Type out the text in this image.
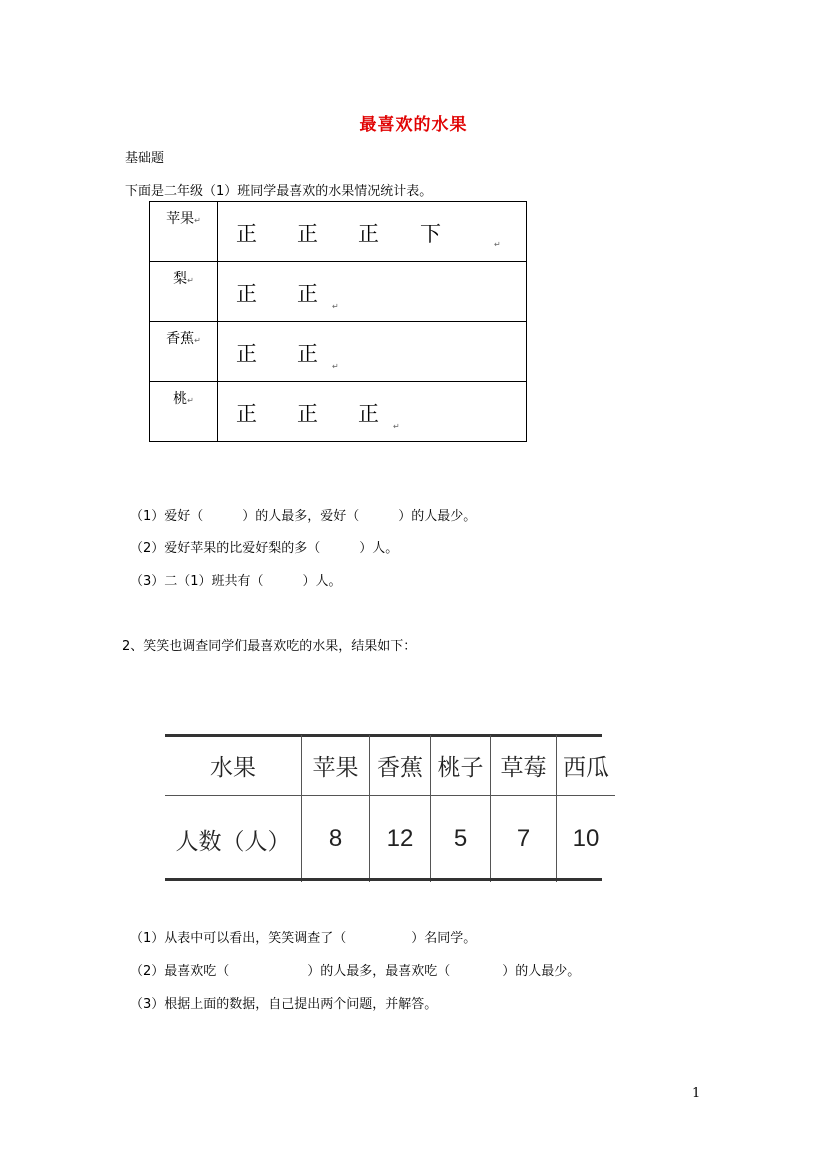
最喜欢的水果
基础题
下面是二年级（1）班同学最喜欢的水果情况统计表。
苹果↵	正 正 正 下 ↵

梨↵	正 正
↵

香蕉↵	正 正
↵

桃↵	正 正 正
↵
（1）爱好（　　　）的人最多，爱好（　　　）的人最少。
（2）爱好苹果的比爱好梨的多（　　　）人。
（3）二（1）班共有（　　　）人。
2、笑笑也调查同学们最喜欢吃的水果，结果如下：
水果	苹果	香蕉	桃子	草莓	西瓜
人数（人）	8	12	5	7	10
（1）从表中可以看出，笑笑调查了（　　　　　）名同学。
（2）最喜欢吃（　　　　　　）的人最多，最喜欢吃（　　　　）的人最少。
（3）根据上面的数据，自己提出两个问题，并解答。
1
